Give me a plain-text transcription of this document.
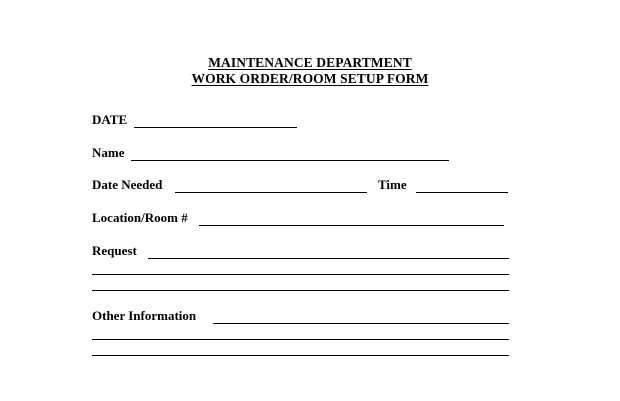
MAINTENANCE DEPARTMENT
WORK ORDER/ROOM SETUP FORM
DATE
Name
Date Needed	Time
Location/Room #
Request
Other Information
